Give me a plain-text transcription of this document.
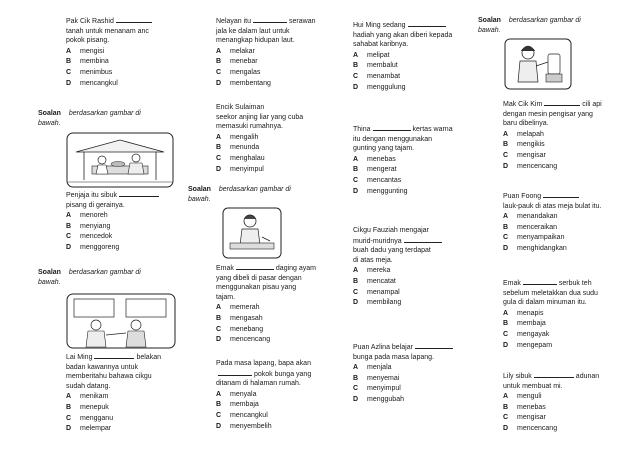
Pak Cik Rashid
tanah untuk menanam anc
pokok pisang.
A mengisi
B membina
C menimbus
D mencangkul
Soalan berdasarkan gambar di
bawah.
Penjaja itu sibuk
pisang di gerainya.
A menoreh
B menyiang
C mencedok
D menggoreng
Soalan berdasarkan gambar di
bawah.
Lai Ming	belakan
badan kawannya untuk
memberitahu bahawa cikgu
sudah datang.
A menikam
B menepuk
C mengganu
D melempar
Nelayan itu	serawan
jala ke dalam laut untuk
menangkap hidupan laut.
A melakar
B menebar
C mengalas
D membentang
Encik Sulaiman
seekor anjing liar yang cuba
memasuki rumahnya.
A mengalih
B menunda
C menghalau
D menyimpul
Soalan berdasarkan gambar di
bawah.
Emak	daging ayam
yang dibeli di pasar dengan
menggunakan pisau yang
tajam.
A memerah
B mengasah
C menebang
D mencencang
Pada masa lapang, bapa akan
pokok bunga yang
ditanam di halaman rumah.
A menyala
B membaja
C mencangkul
D menyembelih
Hui Ming sedang
hadiah yang akan diberi kepada
sahabat karibnya.
A melipat
B membalut
C menambat
D menggulung
Thina	kertas warna
itu dengan menggunakan
gunting yang tajam.
A menebas
B mengerat
C mencantas
D menggunting
Cikgu Fauziah mengajar
murid-muridnya
buah dadu yang terdapat
di atas meja.
A mereka
B mencatat
C menampal
D membilang
Puan Azlina belajar
bunga pada masa lapang.
A menjala
B menyemai
C menyimpul
D menggubah
Soalan berdasarkan gambar di
bawah.
Mak Cik Kim	cili api
dengan mesin pengisar yang
baru dibelinya.
A melapah
B mengikis
C mengisar
D mencencang
Puan Foong
lauk-pauk di atas meja bulat itu.
A menandakan
B menceraikan
C menyampaikan
D menghidangkan
Emak	serbuk teh
sebelum meletakkan dua sudu
gula di dalam minuman itu.
A menapis
B membaja
C mengayak
D mengepam
Lily sibuk	adunan
untuk membuat mi.
A menguli
B menebas
C mengisar
D mencencang
